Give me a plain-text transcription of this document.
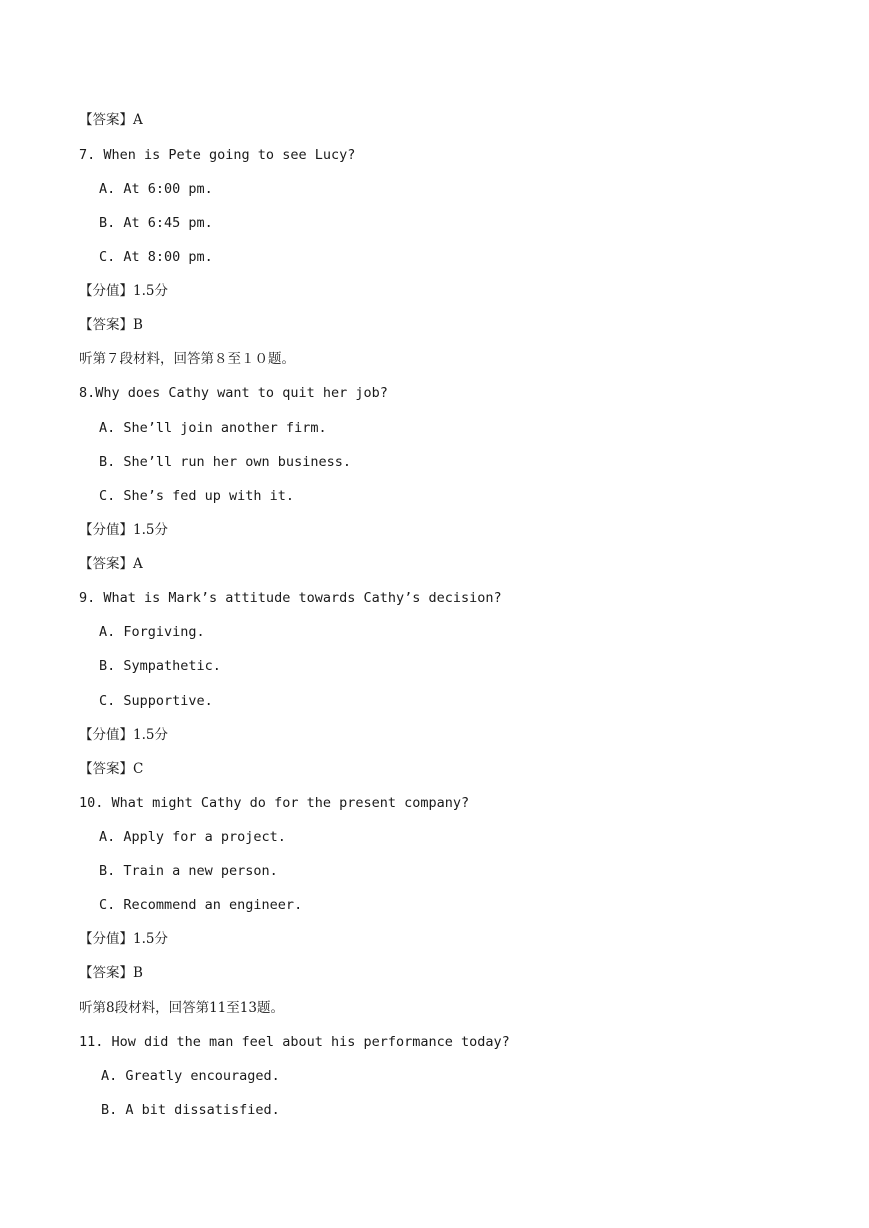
【答案】A
7. When is Pete going to see Lucy?
A. At 6:00 pm.
B. At 6:45 pm.
C. At 8:00 pm.
【分值】1.5分
【答案】B
听第７段材料，回答第８至１０题。
8.Why does Cathy want to quit her job?
A. She’ll join another firm.
B. She’ll run her own business.
C. She’s fed up with it.
【分值】1.5分
【答案】A
9. What is Mark’s attitude towards Cathy’s decision?
A. Forgiving.
B. Sympathetic.
C. Supportive.
【分值】1.5分
【答案】C
10. What might Cathy do for the present company?
A. Apply for a project.
B. Train a new person.
C. Recommend an engineer.
【分值】1.5分
【答案】B
听第8段材料，回答第11至13题。
11. How did the man feel about his performance today?
A. Greatly encouraged.
B. A bit dissatisfied.
